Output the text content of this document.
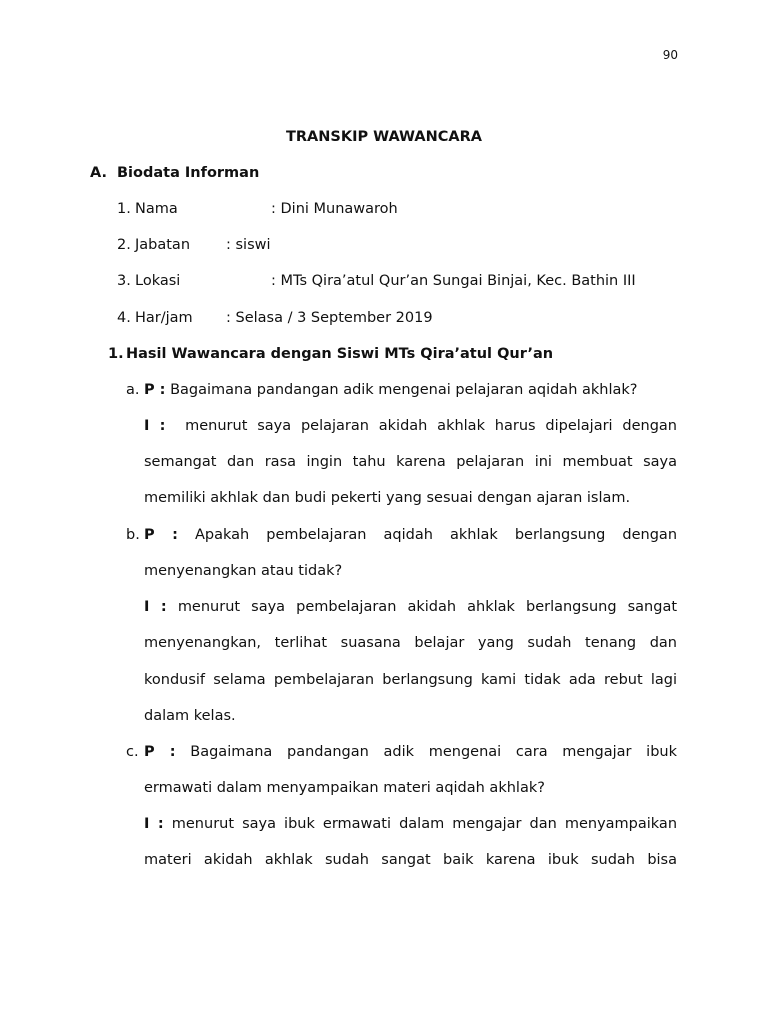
90
TRANSKIP WAWANCARA
A. Biodata Informan
1. Nama	: Dini Munawaroh
2. Jabatan : siswi
3. Lokasi	: MTs Qira’atul Qur’an Sungai Binjai, Kec. Bathin III
4. Har/jam : Selasa / 3 September 2019
1. Hasil Wawancara dengan Siswi MTs Qira’atul Qur’an
a. P : Bagaimana pandangan adik mengenai pelajaran aqidah akhlak?
I : menurut saya pelajaran akidah akhlak harus dipelajari dengan
semangat dan rasa ingin tahu karena pelajaran ini membuat saya
memiliki akhlak dan budi pekerti yang sesuai dengan ajaran islam.
b. P : Apakah pembelajaran aqidah akhlak berlangsung dengan
menyenangkan atau tidak?
I : menurut saya pembelajaran akidah ahklak berlangsung sangat
menyenangkan, terlihat suasana belajar yang sudah tenang dan
kondusif selama pembelajaran berlangsung kami tidak ada rebut lagi
dalam kelas.
c. P : Bagaimana pandangan adik mengenai cara mengajar ibuk
ermawati dalam menyampaikan materi aqidah akhlak?
I : menurut saya ibuk ermawati dalam mengajar dan menyampaikan
materi akidah akhlak sudah sangat baik karena ibuk sudah bisa
